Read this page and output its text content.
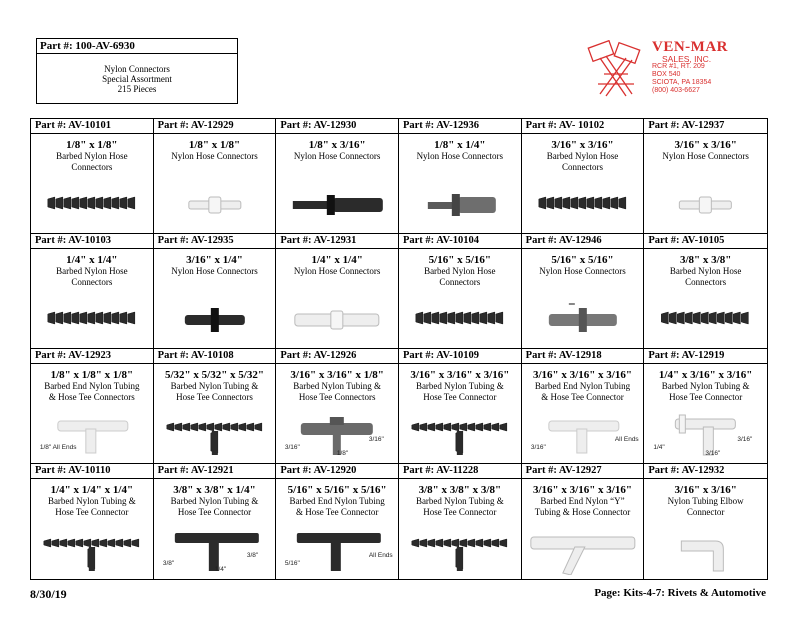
Part #: 100-AV-6930
Nylon Connectors
Special Assortment
215 Pieces
VEN-MAR
SALES, INC.
RCR #1, RT. 209
BOX 540
SCIOTA, PA 18354
(800) 403-6627
Part #: AV-10101
1/8" x 1/8"
Barbed Nylon Hose
Connectors
Part #: AV-12929
1/8" x 1/8"
Nylon Hose Connectors
Part #: AV-12930
1/8" x 3/16"
Nylon Hose Connectors
Part #: AV-12936
1/8" x 1/4"
Nylon Hose Connectors
Part #: AV- 10102
3/16" x 3/16"
Barbed Nylon Hose
Connectors
Part #: AV-12937
3/16" x 3/16"
Nylon Hose Connectors
Part #: AV-10103
1/4" x 1/4"
Barbed Nylon Hose
Connectors
Part #: AV-12935
3/16" x 1/4"
Nylon Hose Connectors
Part #: AV-12931
1/4" x 1/4"
Nylon Hose Connectors
Part #: AV-10104
5/16" x 5/16"
Barbed Nylon Hose
Connectors
Part #: AV-12946
5/16" x 5/16"
Nylon Hose Connectors
Part #: AV-10105
3/8" x 3/8"
Barbed Nylon Hose
Connectors
Part #: AV-12923
1/8" x 1/8" x 1/8"
Barbed End Nylon Tubing
& Hose Tee Connectors
1/8" All Ends
Part #: AV-10108
5/32" x 5/32" x 5/32"
Barbed Nylon Tubing &
Hose Tee Connectors
Part #: AV-12926
3/16" x 3/16" x 1/8"
Barbed Nylon Tubing &
Hose Tee Connectors
3/16"
3/16"
1/8"
Part #: AV-10109
3/16" x 3/16" x 3/16"
Barbed Nylon Tubing &
Hose Tee Connector
Part #: AV-12918
3/16" x 3/16" x 3/16"
Barbed End Nylon Tubing
& Hose Tee Connector
3/16"
All Ends
Part #: AV-12919
1/4" x 3/16" x 3/16"
Barbed Nylon Tubing &
Hose Tee Connector
1/4"
3/16"
3/16"
Part #: AV-10110
1/4" x 1/4" x 1/4"
Barbed Nylon Tubing &
Hose Tee Connector
Part #: AV-12921
3/8" x 3/8" x 1/4"
Barbed Nylon Tubing &
Hose Tee Connector
3/8"
3/8"
1/4"
Part #: AV-12920
5/16" x 5/16" x 5/16"
Barbed End Nylon Tubing
& Hose Tee Connector
5/16"
All Ends
Part #: AV-11228
3/8" x 3/8" x 3/8"
Barbed Nylon Tubing &
Hose Tee Connector
Part #: AV-12927
3/16" x 3/16" x 3/16"
Barbed End Nylon “Y”
Tubing & Hose Connector
Part #: AV-12932
3/16" x 3/16"
Nylon Tubing Elbow
Connector
8/30/19	Page: Kits-4-7: Rivets & Automotive
